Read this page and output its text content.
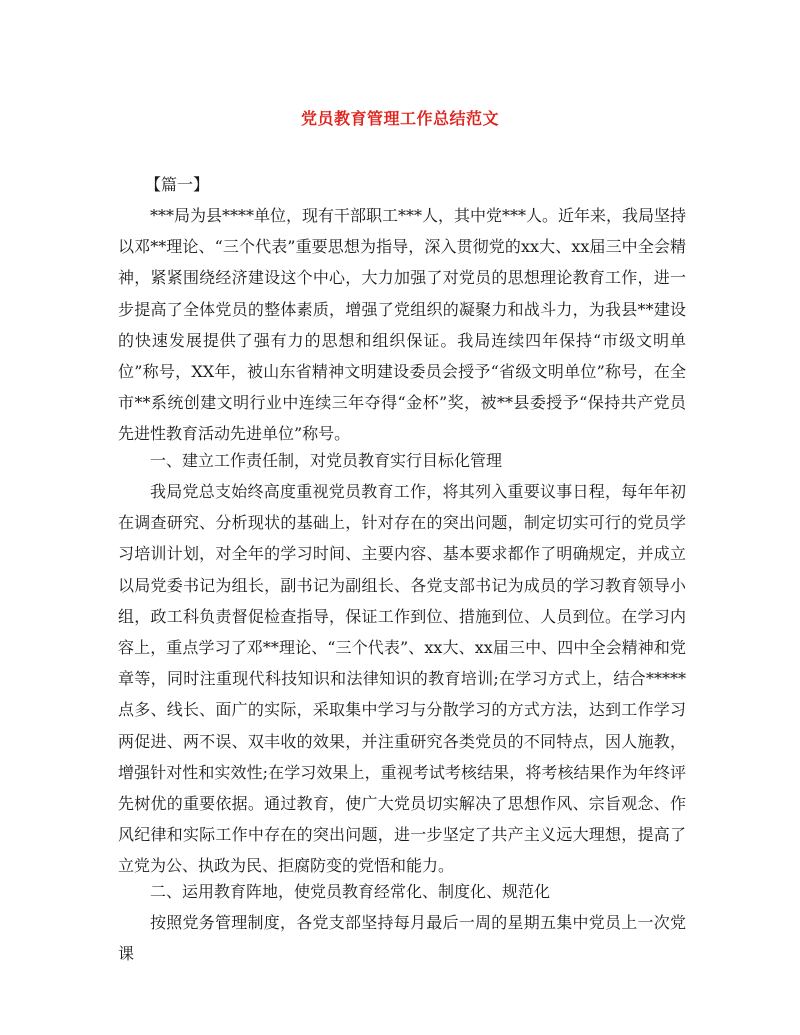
党员教育管理工作总结范文
【篇一】

***局为县****单位，现有干部职工***人，其中党***人。近年来，我局坚持以邓**理论、“三个代表”重要思想为指导，深入贯彻党的xx大、xx届三中全会精神，紧紧围绕经济建设这个中心，大力加强了对党员的思想理论教育工作，进一步提高了全体党员的整体素质，增强了党组织的凝聚力和战斗力，为我县**建设的快速发展提供了强有力的思想和组织保证。我局连续四年保持“市级文明单位”称号，XX年，被山东省精神文明建设委员会授予“省级文明单位”称号，在全市**系统创建文明行业中连续三年夺得“金杯”奖，被**县委授予“保持共产党员先进性教育活动先进单位”称号。

一、建立工作责任制，对党员教育实行目标化管理

我局党总支始终高度重视党员教育工作，将其列入重要议事日程，每年年初在调查研究、分析现状的基础上，针对存在的突出问题，制定切实可行的党员学习培训计划，对全年的学习时间、主要内容、基本要求都作了明确规定，并成立以局党委书记为组长，副书记为副组长、各党支部书记为成员的学习教育领导小组，政工科负责督促检查指导，保证工作到位、措施到位、人员到位。在学习内容上，重点学习了邓**理论、“三个代表”、xx大、xx届三中、四中全会精神和党章等，同时注重现代科技知识和法律知识的教育培训;在学习方式上，结合*****点多、线长、面广的实际，采取集中学习与分散学习的方式方法，达到工作学习两促进、两不误、双丰收的效果，并注重研究各类党员的不同特点，因人施教，增强针对性和实效性;在学习效果上，重视考试考核结果，将考核结果作为年终评先树优的重要依据。通过教育，使广大党员切实解决了思想作风、宗旨观念、作风纪律和实际工作中存在的突出问题，进一步坚定了共产主义远大理想，提高了立党为公、执政为民、拒腐防变的党悟和能力。

二、运用教育阵地，使党员教育经常化、制度化、规范化

按照党务管理制度，各党支部坚持每月最后一周的星期五集中党员上一次党课
